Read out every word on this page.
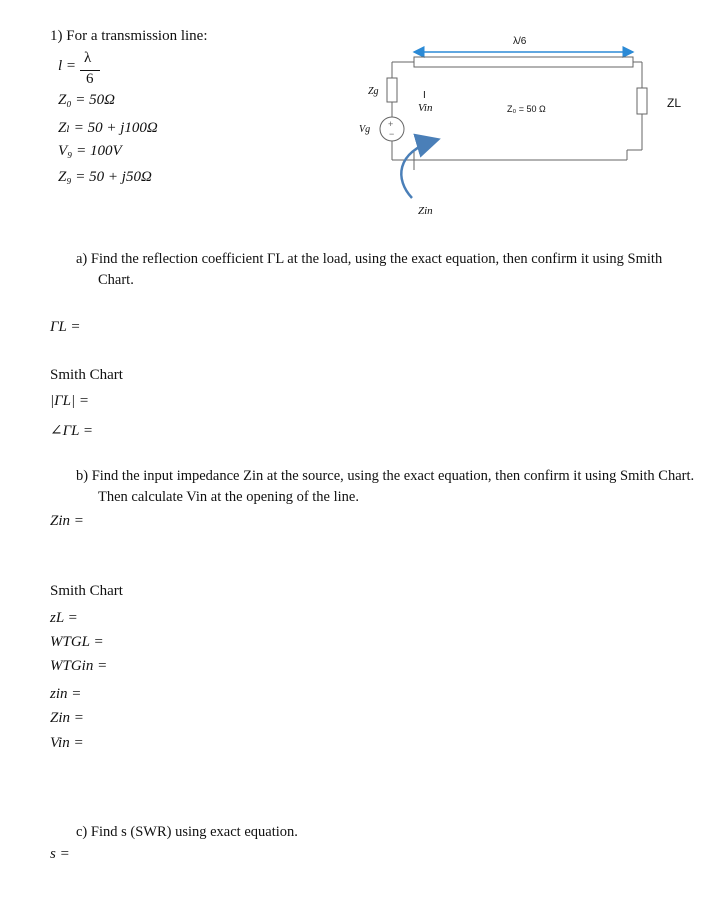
1) For a transmission line:
l = λ
6
Z₀ = 50Ω
Zₗ = 50 + j100Ω
V₉ = 100V
Z₉ = 50 + j50Ω
+
−
λ/6
Zg
Vg
I
Vin	Z₀ = 50 Ω	ZL
Zin
a) Find the reflection coefficient ΓL at the load, using the exact equation, then confirm it using Smith Chart.
ΓL =
Smith Chart
|ΓL| =
∠ΓL =
b) Find the input impedance Zin at the source, using the exact equation, then confirm it using Smith Chart. Then calculate Vin at the opening of the line.
Zin =
Smith Chart
zL =
WTGL =
WTGin =
zin =
Zin =
Vin =
c) Find s (SWR) using exact equation.
s =
